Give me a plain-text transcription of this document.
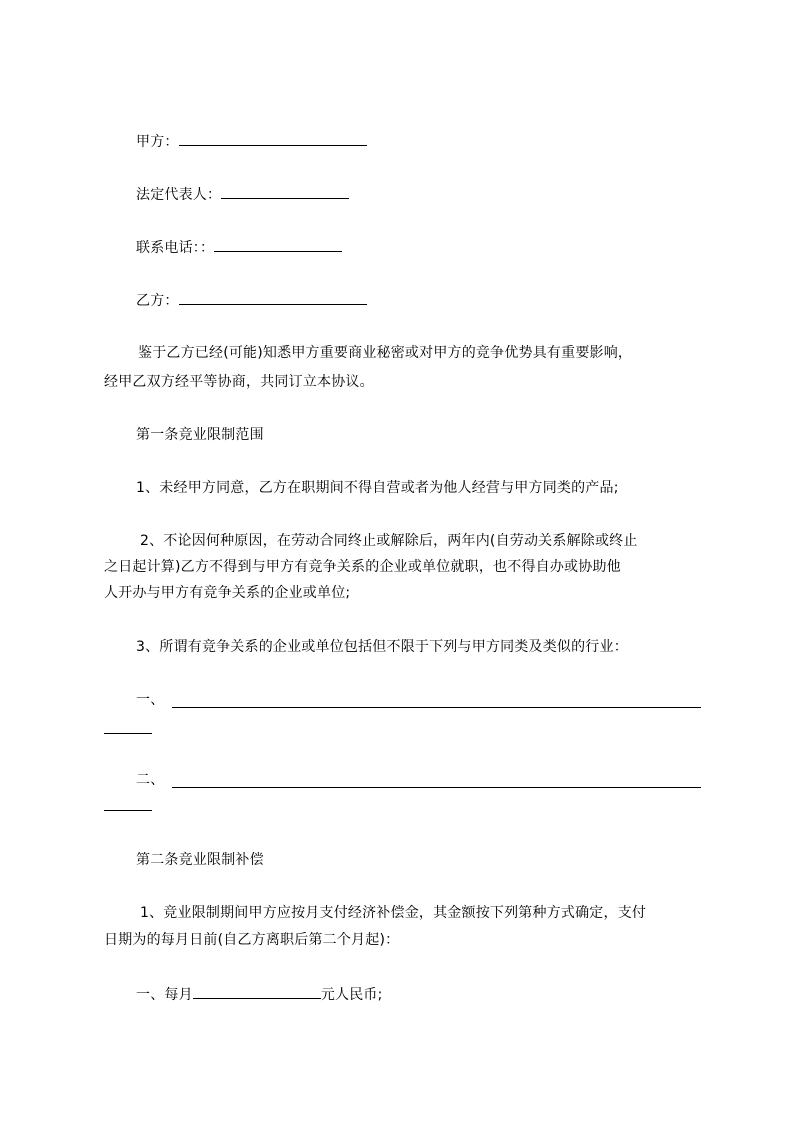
甲方：
法定代表人：
联系电话：：
乙方：
鉴于乙方已经(可能)知悉甲方重要商业秘密或对甲方的竞争优势具有重要影响，
经甲乙双方经平等协商，共同订立本协议。
第一条竞业限制范围
1、未经甲方同意，乙方在职期间不得自营或者为他人经营与甲方同类的产品;
2、不论因何种原因，在劳动合同终止或解除后，两年内(自劳动关系解除或终止
之日起计算)乙方不得到与甲方有竞争关系的企业或单位就职，也不得自办或协助他
人开办与甲方有竞争关系的企业或单位;
3、所谓有竞争关系的企业或单位包括但不限于下列与甲方同类及类似的行业：
一、
二、
第二条竞业限制补偿
1、竞业限制期间甲方应按月支付经济补偿金，其金额按下列第种方式确定，支付
日期为的每月日前(自乙方离职后第二个月起)：
一、每月	元人民币;
